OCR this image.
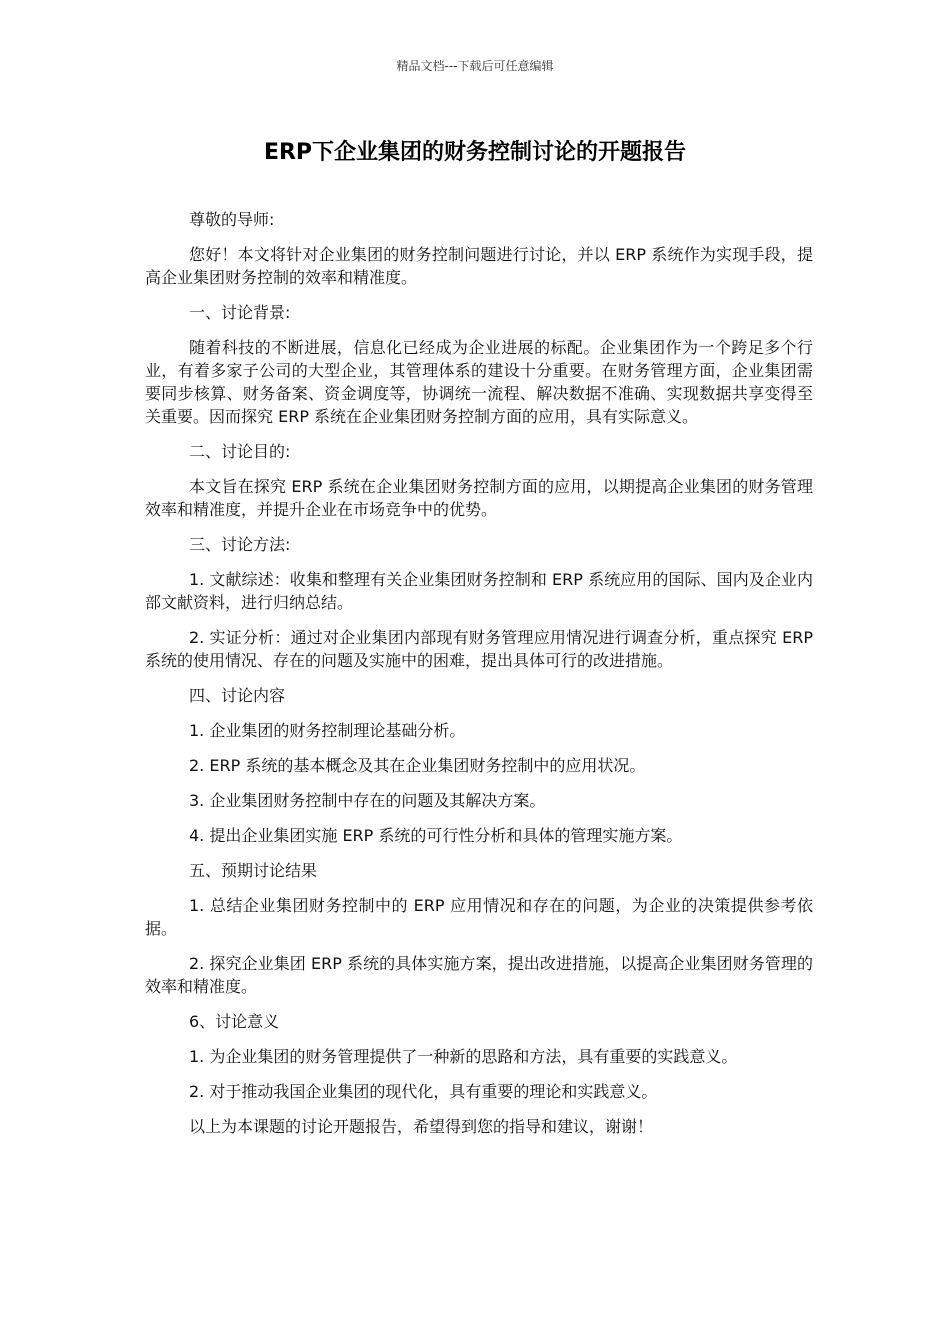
精品文档---下载后可任意编辑
ERP下企业集团的财务控制讨论的开题报告

尊敬的导师:

您好！本文将针对企业集团的财务控制问题进行讨论，并以 ERP 系统作为实现手段，提高企业集团财务控制的效率和精准度。

一、讨论背景:

随着科技的不断进展，信息化已经成为企业进展的标配。企业集团作为一个跨足多个行业，有着多家子公司的大型企业，其管理体系的建设十分重要。在财务管理方面，企业集团需要同步核算、财务备案、资金调度等，协调统一流程、解决数据不准确、实现数据共享变得至关重要。因而探究 ERP 系统在企业集团财务控制方面的应用，具有实际意义。

二、讨论目的:

本文旨在探究 ERP 系统在企业集团财务控制方面的应用，以期提高企业集团的财务管理效率和精准度，并提升企业在市场竞争中的优势。

三、讨论方法:

1. 文献综述：收集和整理有关企业集团财务控制和 ERP 系统应用的国际、国内及企业内部文献资料，进行归纳总结。

2. 实证分析：通过对企业集团内部现有财务管理应用情况进行调查分析，重点探究 ERP 系统的使用情况、存在的问题及实施中的困难，提出具体可行的改进措施。

四、讨论内容

1. 企业集团的财务控制理论基础分析。

2. ERP 系统的基本概念及其在企业集团财务控制中的应用状况。

3. 企业集团财务控制中存在的问题及其解决方案。

4. 提出企业集团实施 ERP 系统的可行性分析和具体的管理实施方案。

五、预期讨论结果

1. 总结企业集团财务控制中的 ERP 应用情况和存在的问题，为企业的决策提供参考依据。

2. 探究企业集团 ERP 系统的具体实施方案，提出改进措施，以提高企业集团财务管理的效率和精准度。

6、讨论意义

1. 为企业集团的财务管理提供了一种新的思路和方法，具有重要的实践意义。

2. 对于推动我国企业集团的现代化，具有重要的理论和实践意义。

以上为本课题的讨论开题报告，希望得到您的指导和建议，谢谢！
